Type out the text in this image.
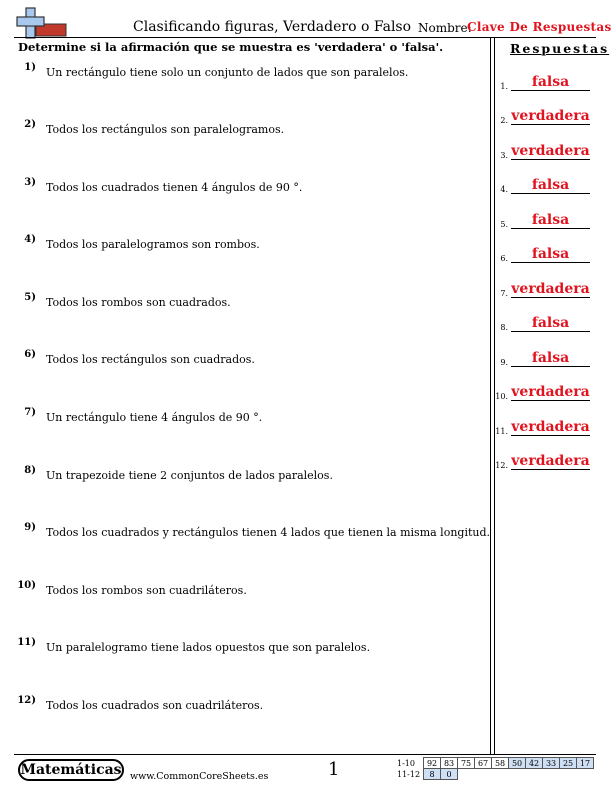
Clasificando figuras, Verdadero o Falso Nombre:
Clave De Respuestas
Determine si la afirmación que se muestra es 'verdadera' o 'falsa'.	Respuestas
1) Un rectángulo tiene solo un conjunto de lados que son paralelos.
2) Todos los rectángulos son paralelogramos.
3) Todos los cuadrados tienen 4 ángulos de 90 °.
4) Todos los paralelogramos son rombos.
5) Todos los rombos son cuadrados.
6) Todos los rectángulos son cuadrados.
7) Un rectángulo tiene 4 ángulos de 90 °.
8) Un trapezoide tiene 2 conjuntos de lados paralelos.
9) Todos los cuadrados y rectángulos tienen 4 lados que tienen la misma longitud.
10) Todos los rombos son cuadriláteros.
11) Un paralelogramo tiene lados opuestos que son paralelos.
12) Todos los cuadrados son cuadriláteros.
1.	falsa
2. verdadera
3. verdadera
4.	falsa
5.	falsa
6.	falsa
7. verdadera
8.	falsa
9.	falsa
10. verdadera
11. verdadera
12. verdadera
Matemáticas www.CommonCoreSheets.es	1	1-10	92	83	75	67	58	50	42	33	25	17
11-12	8	0								
